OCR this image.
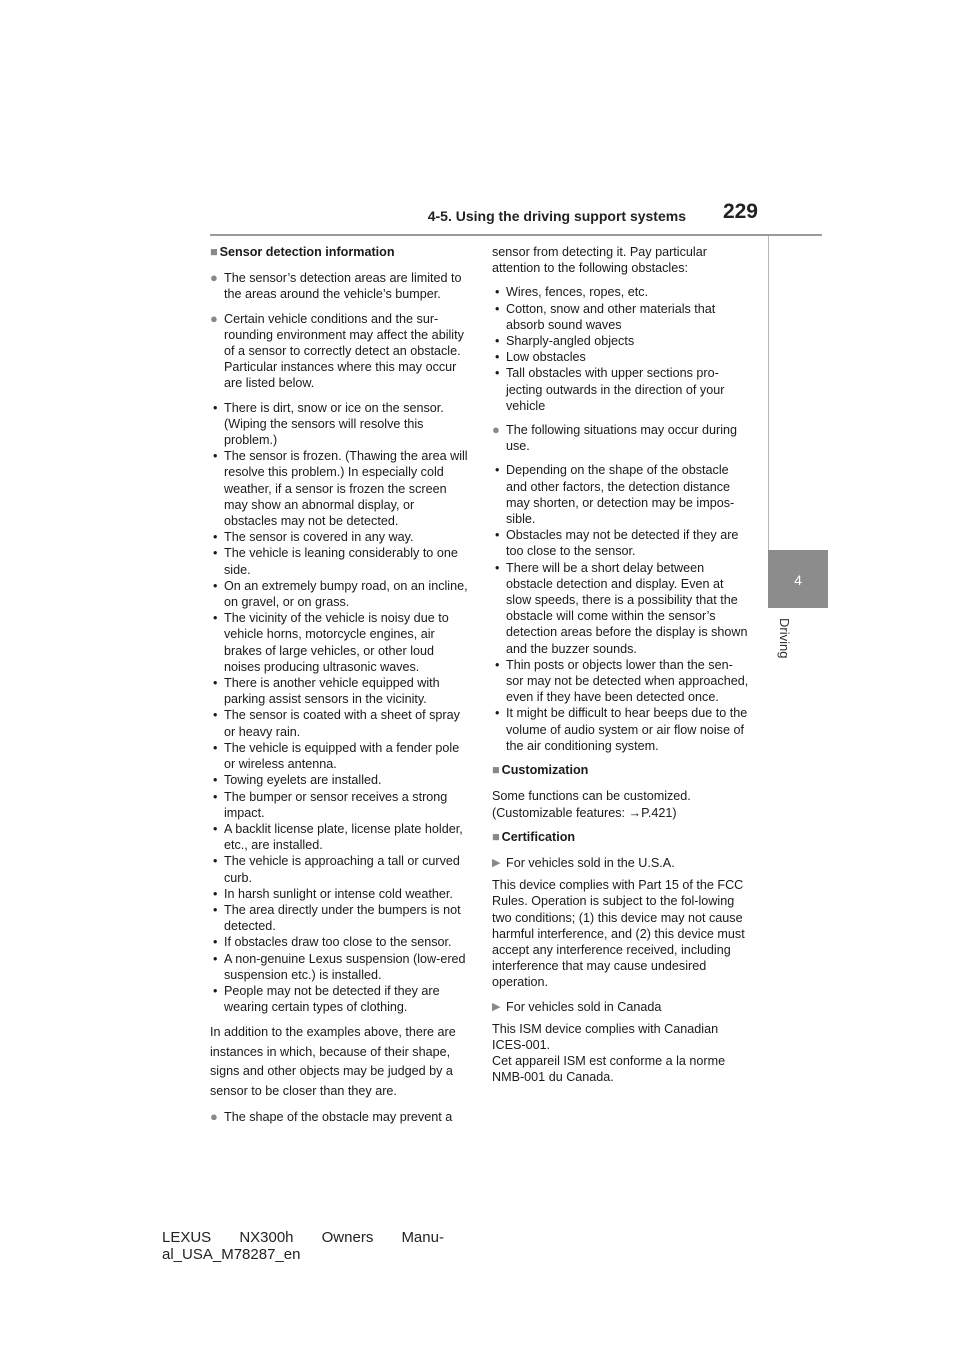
4-5. Using the driving support systems 229
4
Driving
■ Sensor detection information
● The sensor’s detection areas are limited to the areas around the vehicle’s bumper.
● Certain vehicle conditions and the sur-rounding environment may affect the ability of a sensor to correctly detect an obstacle. Particular instances where this may occur are listed below.
• There is dirt, snow or ice on the sensor. (Wiping the sensors will resolve this problem.)
• The sensor is frozen. (Thawing the area will resolve this problem.) In especially cold weather, if a sensor is frozen the screen may show an abnormal display, or obstacles may not be detected.
• The sensor is covered in any way.
• The vehicle is leaning considerably to one side.
• On an extremely bumpy road, on an incline, on gravel, or on grass.
• The vicinity of the vehicle is noisy due to vehicle horns, motorcycle engines, air brakes of large vehicles, or other loud noises producing ultrasonic waves.
• There is another vehicle equipped with parking assist sensors in the vicinity.
• The sensor is coated with a sheet of spray or heavy rain.
• The vehicle is equipped with a fender pole or wireless antenna.
• Towing eyelets are installed.
• The bumper or sensor receives a strong impact.
• A backlit license plate, license plate holder, etc., are installed.
• The vehicle is approaching a tall or curved curb.
• In harsh sunlight or intense cold weather.
• The area directly under the bumpers is not detected.
• If obstacles draw too close to the sensor.
• A non-genuine Lexus suspension (low-ered suspension etc.) is installed.
• People may not be detected if they are wearing certain types of clothing.
In addition to the examples above, there are instances in which, because of their shape, signs and other objects may be judged by a sensor to be closer than they are.
● The shape of the obstacle may prevent a
sensor from detecting it. Pay particular attention to the following obstacles:
• Wires, fences, ropes, etc.
• Cotton, snow and other materials that absorb sound waves
• Sharply-angled objects
• Low obstacles
• Tall obstacles with upper sections pro-jecting outwards in the direction of your vehicle
● The following situations may occur during use.
• Depending on the shape of the obstacle and other factors, the detection distance may shorten, or detection may be impos-sible.
• Obstacles may not be detected if they are too close to the sensor.
• There will be a short delay between obstacle detection and display. Even at slow speeds, there is a possibility that the obstacle will come within the sensor’s detection areas before the display is shown and the buzzer sounds.
• Thin posts or objects lower than the sen-sor may not be detected when approached, even if they have been detected once.
• It might be difficult to hear beeps due to the volume of audio system or air flow noise of the air conditioning system.
■ Customization
Some functions can be customized. (Customizable features: →P.421)
■ Certification
▶ For vehicles sold in the U.S.A.
This device complies with Part 15 of the FCC Rules. Operation is subject to the fol-lowing two conditions; (1) this device may not cause harmful interference, and (2) this device must accept any interference received, including interference that may cause undesired operation.
▶ For vehicles sold in Canada
This ISM device complies with Canadian ICES-001.
Cet appareil ISM est conforme a la norme NMB-001 du Canada.
LEXUS NX300h Owners Manu-
al_USA_M78287_en
